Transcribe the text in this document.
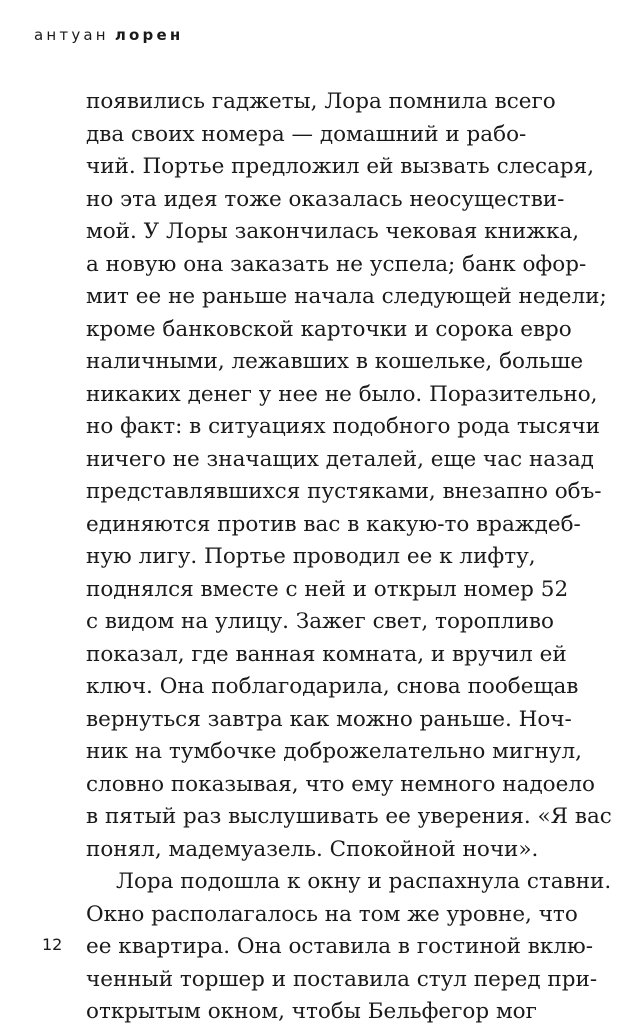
антуан лорен
появились гаджеты, Лора помнила всего
два своих номера — домашний и рабо-
чий. Портье предложил ей вызвать слесаря,
но эта идея тоже оказалась неосуществи-
мой. У Лоры закончилась чековая книжка,
а новую она заказать не успела; банк офор-
мит ее не раньше начала следующей недели;
кроме банковской карточки и сорока евро
наличными, лежавших в кошельке, больше
никаких денег у нее не было. Поразительно,
но факт: в ситуациях подобного рода тысячи
ничего не значащих деталей, еще час назад
представлявшихся пустяками, внезапно объ-
единяются против вас в какую-то враждеб-
ную лигу. Портье проводил ее к лифту,
поднялся вместе с ней и открыл номер 52
с видом на улицу. Зажег свет, торопливо
показал, где ванная комната, и вручил ей
ключ. Она поблагодарила, снова пообещав
вернуться завтра как можно раньше. Ноч-
ник на тумбочке доброжелательно мигнул,
словно показывая, что ему немного надоело
в пятый раз выслушивать ее уверения. «Я вас
понял, мадемуазель. Спокойной ночи».
Лора подошла к окну и распахнула ставни.
Окно располагалось на том же уровне, что
ее квартира. Она оставила в гостиной вклю-
ченный торшер и поставила стул перед при-
открытым окном, чтобы Бельфегор мог
12
